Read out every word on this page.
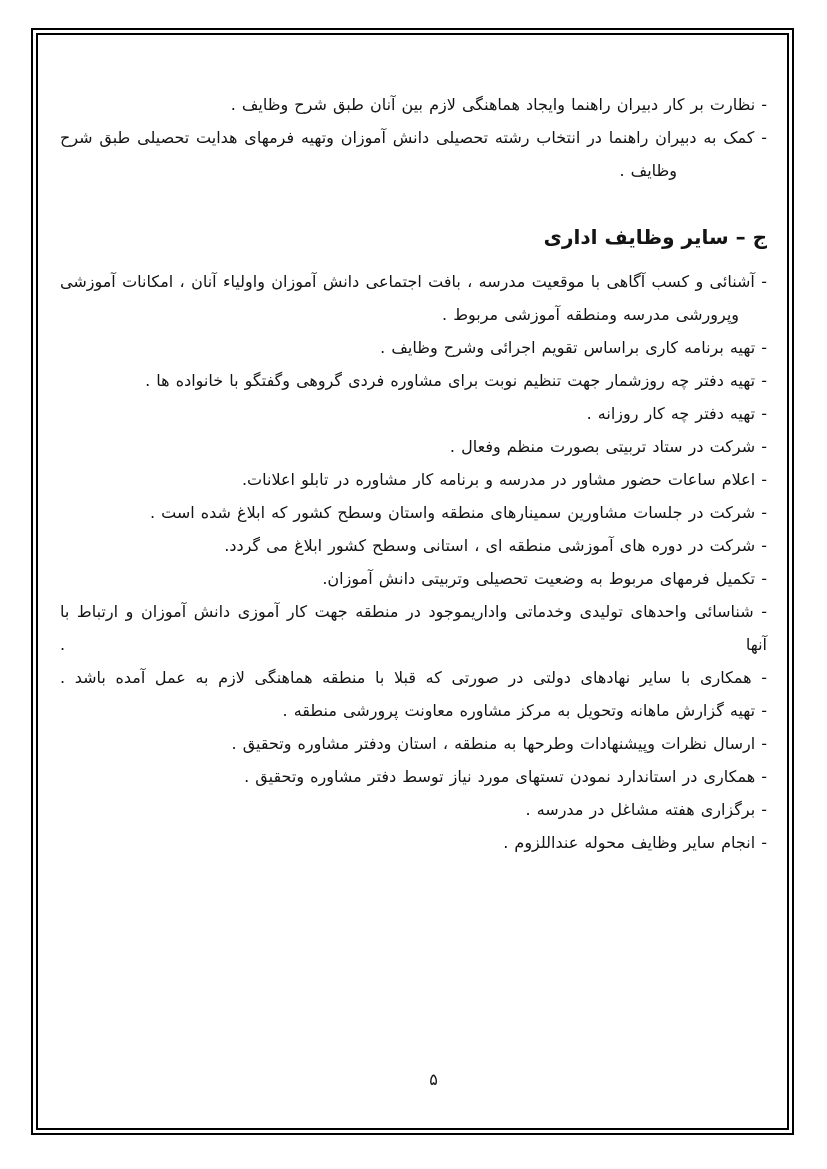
- نظارت بر کار دبیران راهنما وایجاد هماهنگی لازم بین آنان طبق شرح وظایف .

- کمک به دبیران راهنما در انتخاب رشته تحصیلی دانش آموزان وتهیه فرمهای هدایت تحصیلی طبق شرح

وظایف .

ج – سایر وظایف اداری

- آشنائی و کسب آگاهی با موقعیت مدرسه ، بافت اجتماعی دانش آموزان واولیاء آنان ، امکانات آموزشی

وپرورشی مدرسه ومنطقه آموزشی مربوط .

- تهیه برنامه کاری براساس تقویم اجرائی وشرح وظایف .

- تهیه دفتر چه روزشمار جهت تنظیم نوبت برای مشاوره فردی گروهی وگفتگو با خانواده ها .

- تهیه دفتر چه کار روزانه .

- شرکت در ستاد تربیتی بصورت منظم وفعال .

- اعلام ساعات حضور مشاور در مدرسه و برنامه کار مشاوره در تابلو اعلانات.

- شرکت در جلسات مشاورین سمینارهای منطقه واستان وسطح کشور که ابلاغ شده است .

- شرکت در دوره های آموزشی منطقه ای ، استانی وسطح کشور ابلاغ می گردد.

- تکمیل فرمهای مربوط به وضعیت تحصیلی وتربیتی دانش آموزان.

- شناسائی واحدهای تولیدی وخدماتی واداریموجود در منطقه جهت کار آموزی دانش آموزان و ارتباط با آنها .

- همکاری با سایر نهادهای دولتی در صورتی که قبلا با منطقه هماهنگی لازم به عمل آمده باشد .

- تهیه گزارش ماهانه وتحویل به مرکز مشاوره معاونت پرورشی منطقه .

- ارسال نظرات وپیشنهادات وطرحها به منطقه ، استان ودفتر مشاوره وتحقیق .

- همکاری در استاندارد نمودن تستهای مورد نیاز توسط دفتر مشاوره وتحقیق .

- برگزاری هفته مشاغل در مدرسه .

- انجام سایر وظایف محوله عنداللزوم .

۵
